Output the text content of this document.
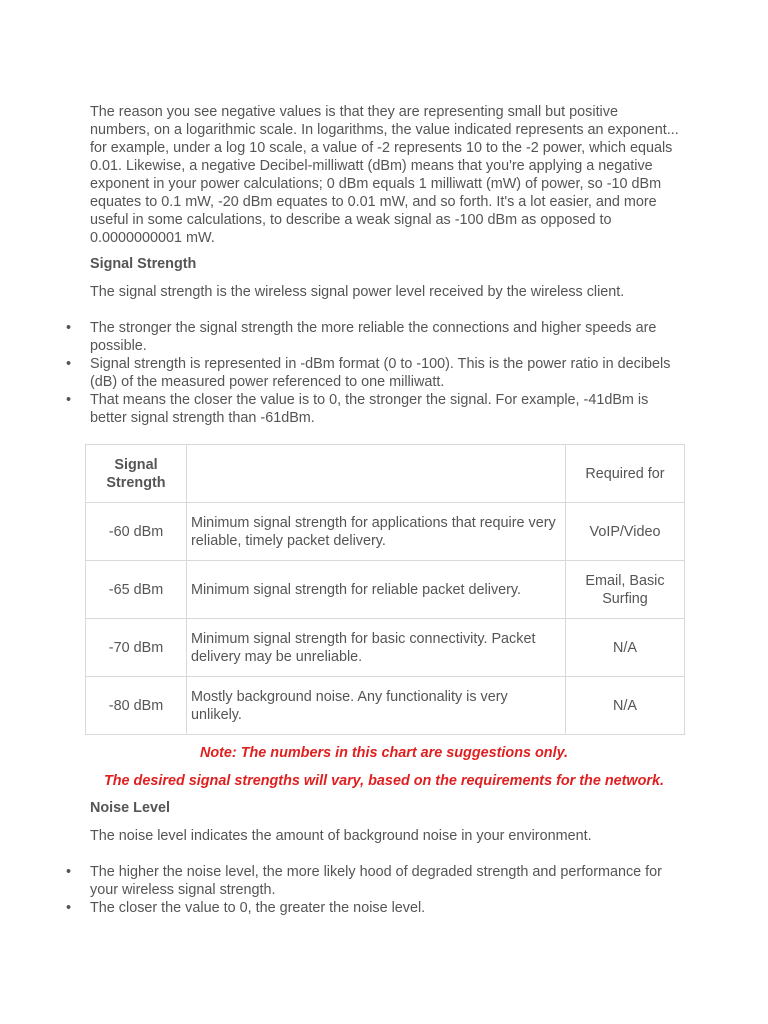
The reason you see negative values is that they are representing small but positive numbers, on a logarithmic scale. In logarithms, the value indicated represents an exponent... for example, under a log 10 scale, a value of -2 represents 10 to the -2 power, which equals 0.01. Likewise, a negative Decibel-milliwatt (dBm) means that you're applying a negative exponent in your power calculations; 0 dBm equals 1 milliwatt (mW) of power, so -10 dBm equates to 0.1 mW, -20 dBm equates to 0.01 mW, and so forth. It's a lot easier, and more useful in some calculations, to describe a weak signal as -100 dBm as opposed to 0.0000000001 mW.

Signal Strength

The signal strength is the wireless signal power level received by the wireless client.

• The stronger the signal strength the more reliable the connections and higher speeds are possible.
• Signal strength is represented in -dBm format (0 to -100). This is the power ratio in decibels (dB) of the measured power referenced to one milliwatt.
• That means the closer the value is to 0, the stronger the signal. For example, -41dBm is better signal strength than -61dBm.
Signal Strength		Required for
-60 dBm	Minimum signal strength for applications that require very reliable, timely packet delivery.	VoIP/Video
-65 dBm	Minimum signal strength for reliable packet delivery.	Email, Basic Surfing
-70 dBm	Minimum signal strength for basic connectivity. Packet delivery may be unreliable.	N/A
-80 dBm	Mostly background noise. Any functionality is very unlikely.	N/A

Note: The numbers in this chart are suggestions only.

The desired signal strengths will vary, based on the requirements for the network.

Noise Level

The noise level indicates the amount of background noise in your environment.

• The higher the noise level, the more likely hood of degraded strength and performance for your wireless signal strength.
• The closer the value to 0, the greater the noise level.
